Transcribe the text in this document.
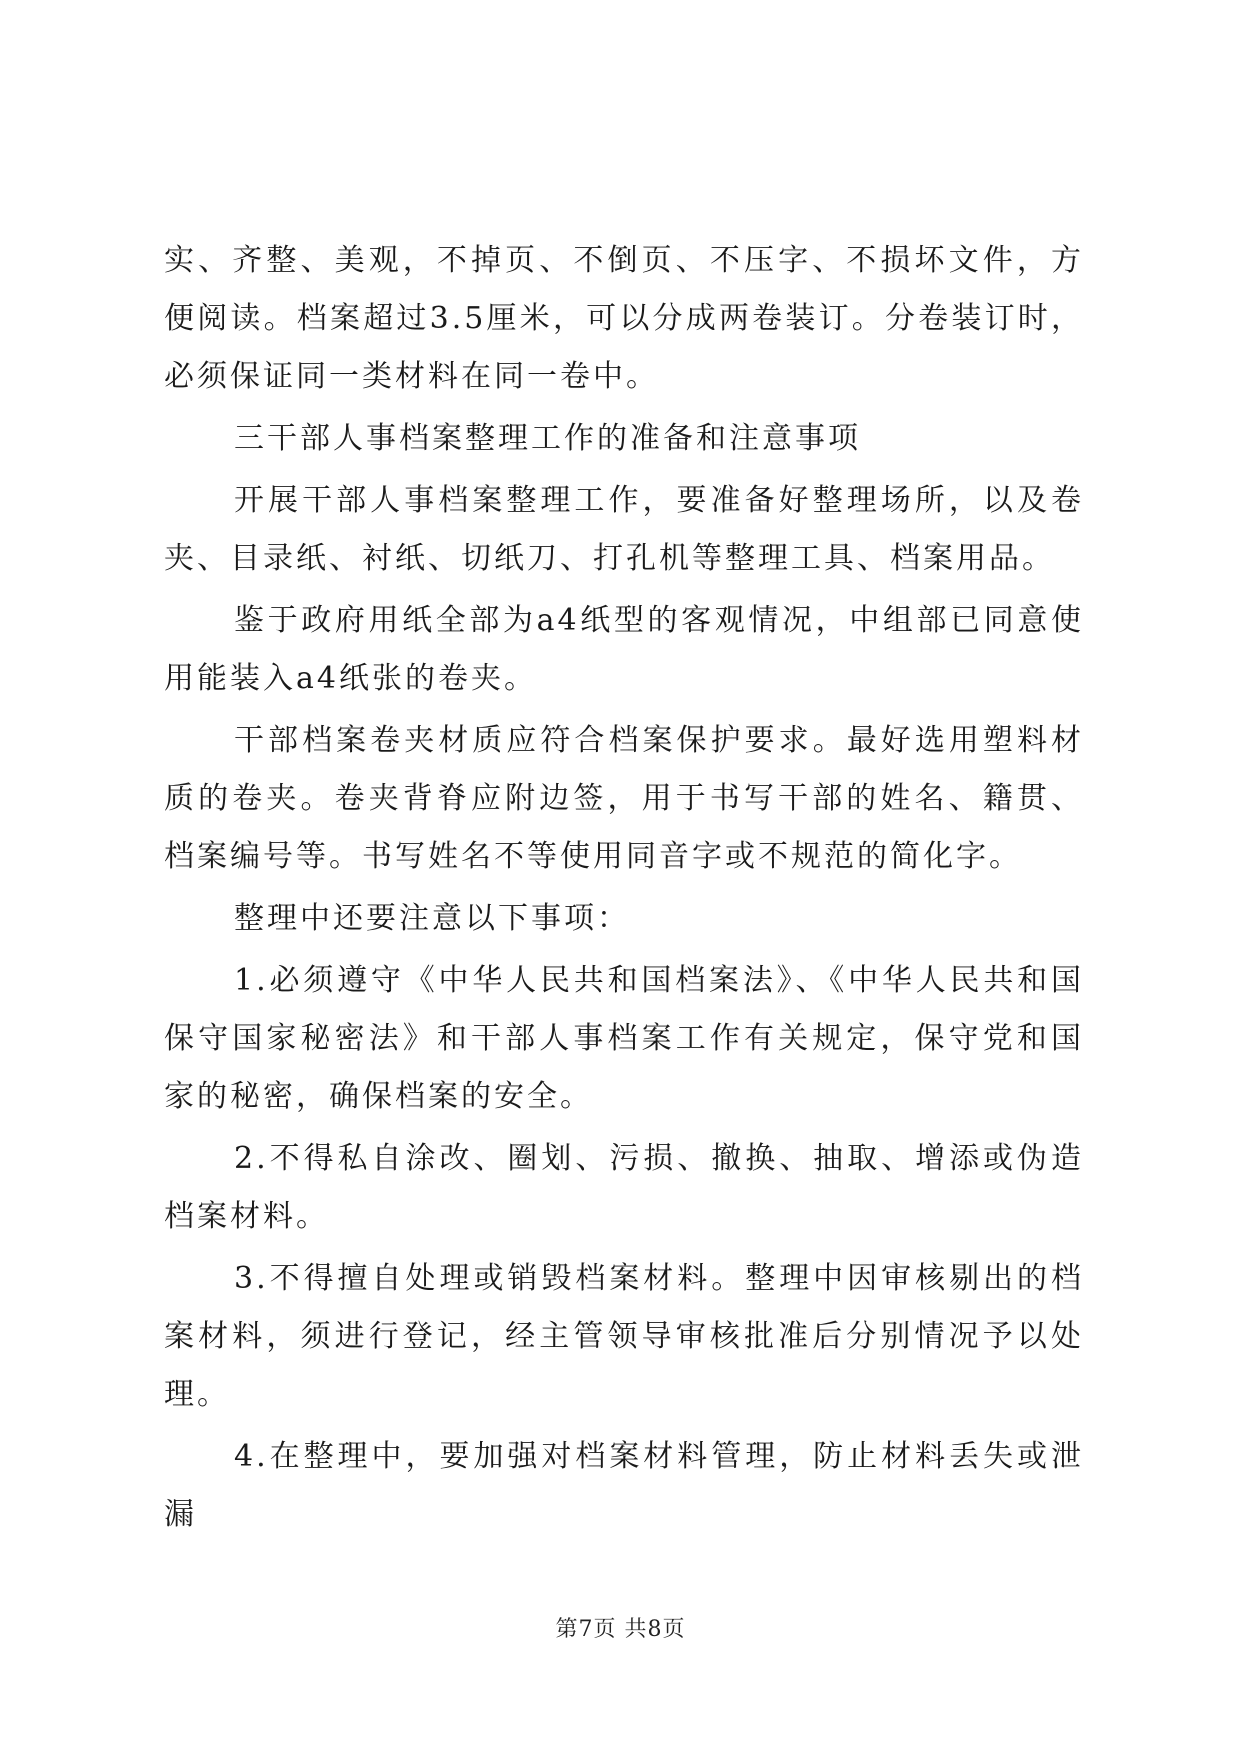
实、齐整、美观，不掉页、不倒页、不压字、不损坏文件，方便阅读。档案超过3.5厘米，可以分成两卷装订。分卷装订时，必须保证同一类材料在同一卷中。

三干部人事档案整理工作的准备和注意事项

开展干部人事档案整理工作，要准备好整理场所，以及卷夹、目录纸、衬纸、切纸刀、打孔机等整理工具、档案用品。

鉴于政府用纸全部为a4纸型的客观情况，中组部已同意使用能装入a4纸张的卷夹。

干部档案卷夹材质应符合档案保护要求。最好选用塑料材质的卷夹。卷夹背脊应附边签，用于书写干部的姓名、籍贯、档案编号等。书写姓名不等使用同音字或不规范的简化字。

整理中还要注意以下事项：

1.必须遵守《中华人民共和国档案法》、《中华人民共和国保守国家秘密法》和干部人事档案工作有关规定，保守党和国家的秘密，确保档案的安全。

2.不得私自涂改、圈划、污损、撤换、抽取、增添或伪造档案材料。

3.不得擅自处理或销毁档案材料。整理中因审核剔出的档案材料，须进行登记，经主管领导审核批准后分别情况予以处理。

4.在整理中，要加强对档案材料管理，防止材料丢失或泄漏

第7页 共8页
